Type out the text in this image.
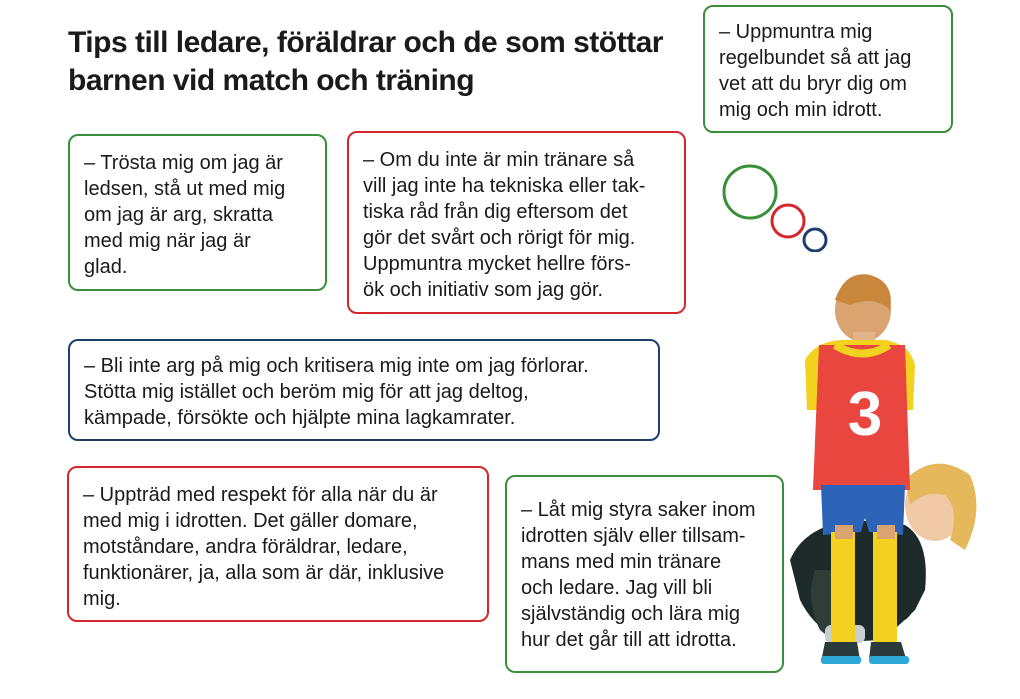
Tips till ledare, föräldrar och de som stöttar barnen vid match och träning
– Uppmuntra mig
regelbundet så att jag
vet att du bryr dig om
mig och min idrott.
– Trösta mig om jag är
ledsen, stå ut med mig
om jag är arg, skratta
med mig när jag är
glad.
– Om du inte är min tränare så
vill jag inte ha tekniska eller tak-
tiska råd från dig eftersom det
gör det svårt och rörigt för mig.
Uppmuntra mycket hellre förs-
ök och initiativ som jag gör.
– Bli inte arg på mig och kritisera mig inte om jag förlorar.
Stötta mig istället och beröm mig för att jag deltog,
kämpade, försökte och hjälpte mina lagkamrater.
– Uppträd med respekt för alla när du är
med mig i idrotten. Det gäller domare,
motståndare, andra föräldrar, ledare,
funktionärer, ja, alla som är där, inklusive
mig.
– Låt mig styra saker inom
idrotten själv eller tillsam-
mans med min tränare
och ledare. Jag vill bli
självständig och lära mig
hur det går till att idrotta.
3
